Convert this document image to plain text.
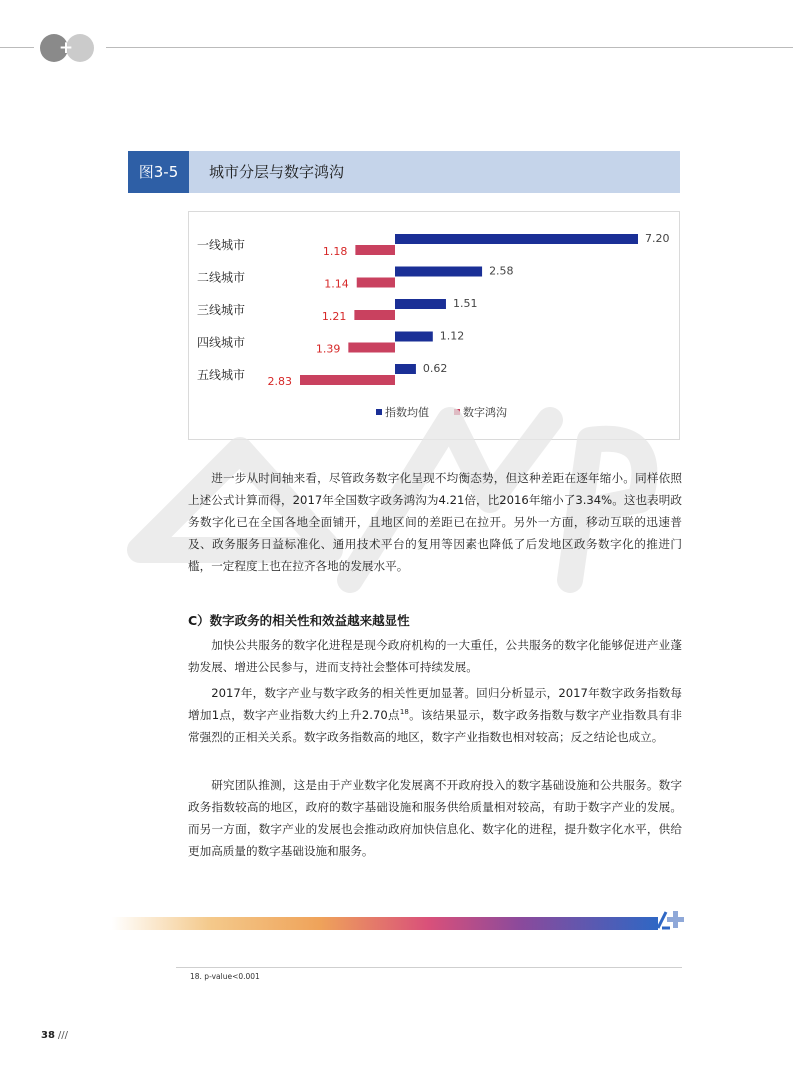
+
图3-5	城市分层与数字鸿沟
一线城市	7.20
1.18
二线城市	2.58
1.14
三线城市	1.51
1.21
四线城市	1.12
1.39
五线城市	0.62
2.83
指数均值	数字鸿沟

进一步从时间轴来看，尽管政务数字化呈现不均衡态势，但这种差距在逐年缩小。同样依照上述公式计算而得，2017年全国数字政务鸿沟为4.21倍，比2016年缩小了3.34%。这也表明政务数字化已在全国各地全面铺开，且地区间的差距已在拉开。另外一方面，移动互联的迅速普及、政务服务日益标准化、通用技术平台的复用等因素也降低了后发地区政务数字化的推进门槛，一定程度上也在拉齐各地的发展水平。

C）数字政务的相关性和效益越来越显性

加快公共服务的数字化进程是现今政府机构的一大重任，公共服务的数字化能够促进产业蓬勃发展、增进公民参与，进而支持社会整体可持续发展。

2017年，数字产业与数字政务的相关性更加显著。回归分析显示，2017年数字政务指数每增加1点，数字产业指数大约上升2.70点$^{18}$。该结果显示，数字政务指数与数字产业指数具有非常强烈的正相关关系。数字政务指数高的地区，数字产业指数也相对较高；反之结论也成立。

研究团队推测，这是由于产业数字化发展离不开政府投入的数字基础设施和公共服务。数字政务指数较高的地区，政府的数字基础设施和服务供给质量相对较高，有助于数字产业的发展。而另一方面，数字产业的发展也会推动政府加快信息化、数字化的进程，提升数字化水平，供给更加高质量的数字基础设施和服务。

18. p-value<0.001
38 ///
